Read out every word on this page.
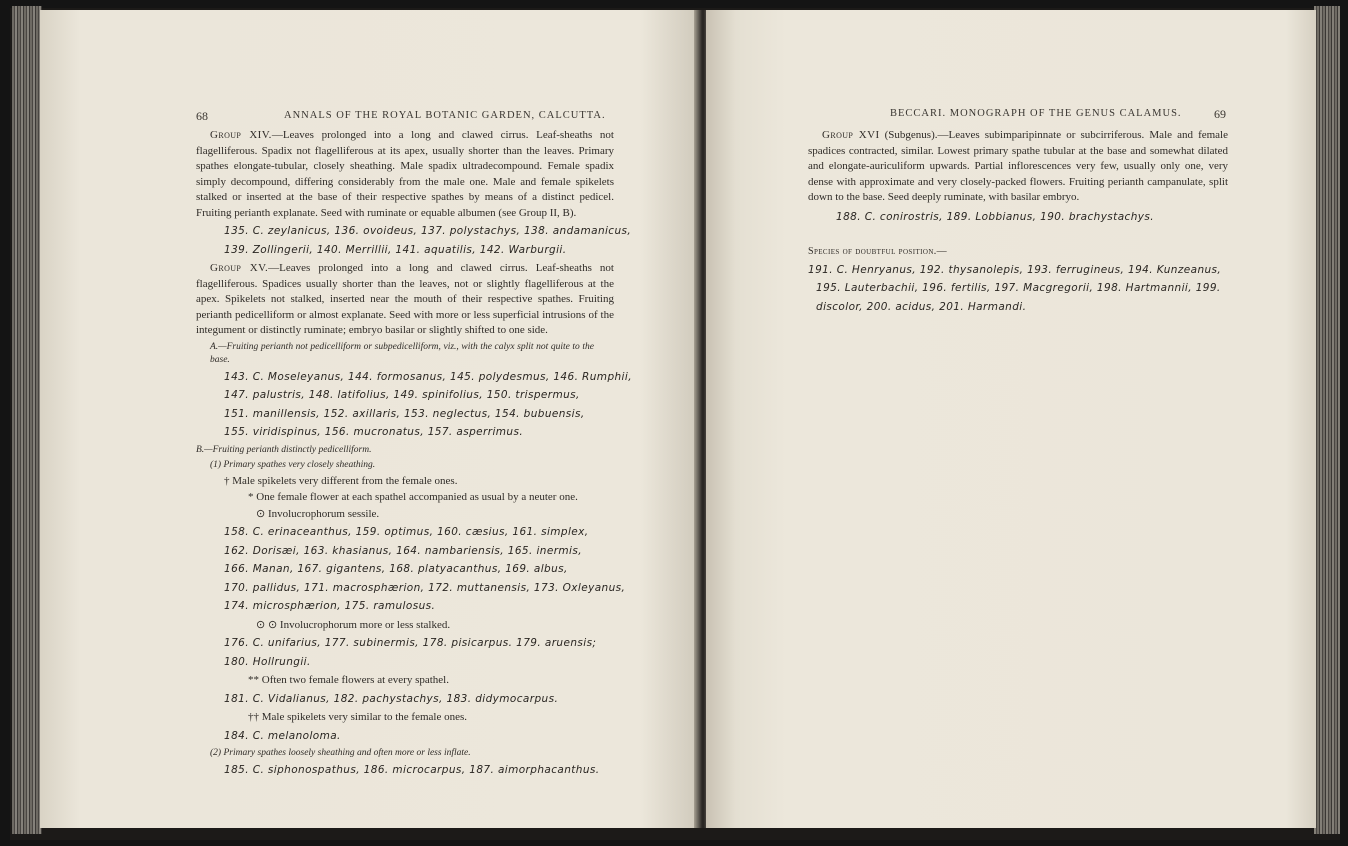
68	ANNALS OF THE ROYAL BOTANIC GARDEN, CALCUTTA.

Group XIV.—Leaves prolonged into a long and clawed cirrus. Leaf-sheaths not flagelliferous. Spadix not flagelliferous at its apex, usually shorter than the leaves. Primary spathes elongate-tubular, closely sheathing. Male spadix ultradecompound. Female spadix simply decompound, differing considerably from the male one. Male and female spikelets stalked or inserted at the base of their respective spathes by means of a distinct pedicel. Fruiting perianth explanate. Seed with ruminate or equable albumen (see Group II, B).

135. C. zeylanicus, 136. ovoideus, 137. polystachys, 138. andamanicus,
139. Zollingerii, 140. Merrillii, 141. aquatilis, 142. Warburgii.

Group XV.—Leaves prolonged into a long and clawed cirrus. Leaf-sheaths not flagelliferous. Spadices usually shorter than the leaves, not or slightly flagelliferous at the apex. Spikelets not stalked, inserted near the mouth of their respective spathes. Fruiting perianth pedicelliform or almost explanate. Seed with more or less superficial intrusions of the integument or distinctly ruminate; embryo basilar or slightly shifted to one side.

A.—Fruiting perianth not pedicelliform or subpedicelliform, viz., with the calyx split not quite to the base.
143. C. Moseleyanus, 144. formosanus, 145. polydesmus, 146. Rumphii,
147. palustris, 148. latifolius, 149. spinifolius, 150. trispermus,
151. manillensis, 152. axillaris, 153. neglectus, 154. bubuensis,
155. viridispinus, 156. mucronatus, 157. asperrimus.
B.—Fruiting perianth distinctly pedicelliform.
(1) Primary spathes very closely sheathing.
† Male spikelets very different from the female ones.
* One female flower at each spathel accompanied as usual by a neuter one.
⊙ Involucrophorum sessile.
158. C. erinaceanthus, 159. optimus, 160. cæsius, 161. simplex,
162. Dorisæi, 163. khasianus, 164. nambariensis, 165. inermis,
166. Manan, 167. gigantens, 168. platyacanthus, 169. albus,
170. pallidus, 171. macrosphærion, 172. muttanensis, 173. Oxleyanus,
174. microsphærion, 175. ramulosus.
⊙ ⊙ Involucrophorum more or less stalked.
176. C. unifarius, 177. subinermis, 178. pisicarpus. 179. aruensis;
180. Hollrungii.
** Often two female flowers at every spathel.
181. C. Vidalianus, 182. pachystachys, 183. didymocarpus.
†† Male spikelets very similar to the female ones.
184. C. melanoloma.
(2) Primary spathes loosely sheathing and often more or less inflate.
185. C. siphonospathus, 186. microcarpus, 187. aimorphacanthus.
BECCARI. MONOGRAPH OF THE GENUS CALAMUS.	69

Group XVI (Subgenus).—Leaves subimparipinnate or subcirriferous. Male and female spadices contracted, similar. Lowest primary spathe tubular at the base and somewhat dilated and elongate-auriculiform upwards. Partial inflorescences very few, usually only one, very dense with approximate and very closely-packed flowers. Fruiting perianth campanulate, split down to the base. Seed deeply ruminate, with basilar embryo.

188. C. conirostris, 189. Lobbianus, 190. brachystachys.
Species of doubtful position.—
191. C. Henryanus, 192. thysanolepis, 193. ferrugineus, 194. Kunzeanus,
195. Lauterbachii, 196. fertilis, 197. Macgregorii, 198. Hartmannii, 199.
discolor, 200. acidus, 201. Harmandi.
